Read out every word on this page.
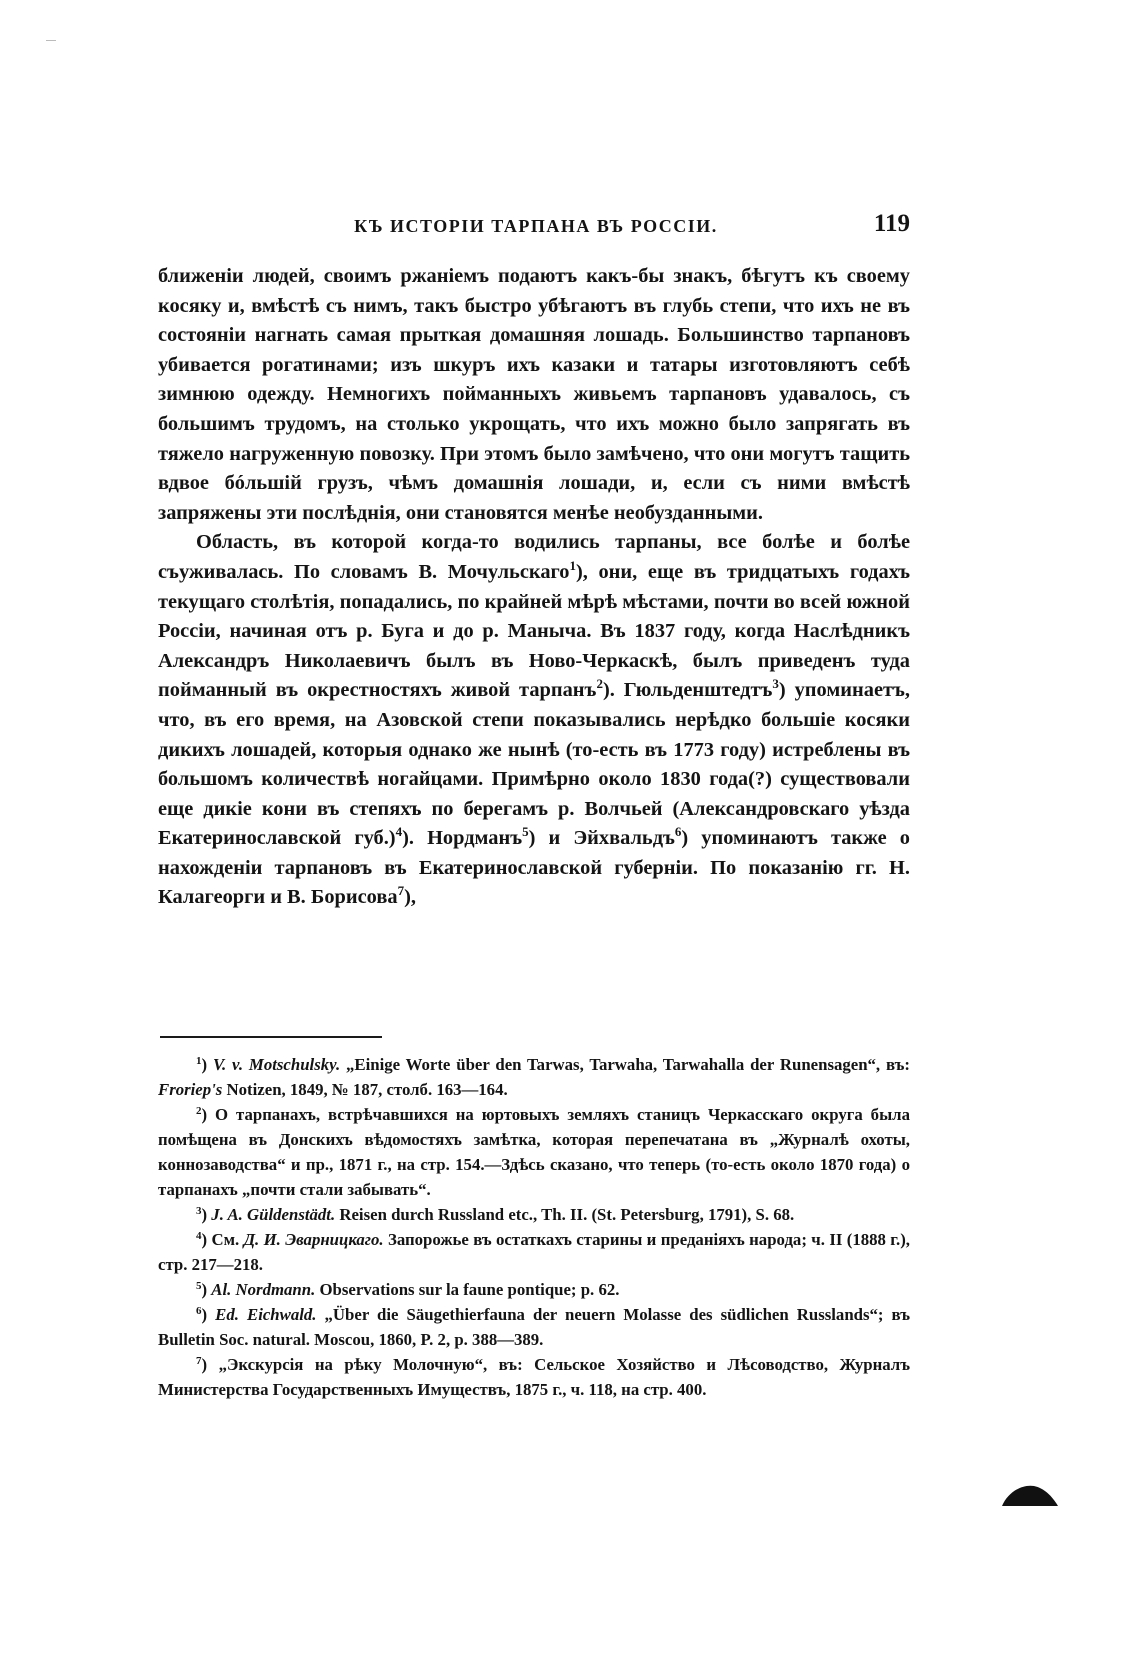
КЪ ИСТОРІИ ТАРПАНА ВЪ РОССІИ.	119

ближеніи людей, своимъ ржаніемъ подаютъ какъ-бы знакъ, бѣгутъ къ своему косяку и, вмѣстѣ съ нимъ, такъ быстро убѣгаютъ въ глубь степи, что ихъ не въ состояніи нагнать самая прыткая домашняя лошадь. Большинство тарпановъ убивается рогатинами; изъ шкуръ ихъ казаки и татары изготовляютъ себѣ зимнюю одежду. Немногихъ пойманныхъ живьемъ тарпановъ удавалось, съ большимъ трудомъ, на столько укрощать, что ихъ можно было запрягать въ тяжело нагруженную повозку. При этомъ было замѣчено, что они могутъ тащить вдвое бóльшій грузъ, чѣмъ домашнія лошади, и, если съ ними вмѣстѣ запряжены эти послѣднія, они становятся менѣе необузданными.

Область, въ которой когда-то водились тарпаны, все болѣе и болѣе съуживалась. По словамъ В. Мочульскаго$^1$), они, еще въ тридцатыхъ годахъ текущаго столѣтія, попадались, по крайней мѣрѣ мѣстами, почти во всей южной Россіи, начиная отъ р. Буга и до р. Маныча. Въ 1837 году, когда Наслѣдникъ Александръ Николаевичъ былъ въ Ново-Черкаскѣ, былъ приведенъ туда пойманный въ окрестностяхъ живой тарпанъ$^2$). Гюльденштедтъ$^3$) упоминаетъ, что, въ его время, на Азовской степи показывались нерѣдко большіе косяки дикихъ лошадей, которыя однако же нынѣ (то-есть въ 1773 году) истреблены въ большомъ количествѣ ногайцами. Примѣрно около 1830 года(?) существовали еще дикіе кони въ степяхъ по берегамъ р. Волчьей (Александровскаго уѣзда Екатеринославской губ.)$^4$). Нордманъ$^5$) и Эйхвальдъ$^6$) упоминаютъ также о нахожденіи тарпановъ въ Екатеринославской губерніи. По показанію гг. Н. Калагеорги и В. Борисова$^7$),

$^1$) V. v. Motschulsky. „Einige Worte über den Tarwas, Tarwaha, Tarwahalla der Runensagen“, въ: Froriep's Notizen, 1849, № 187, столб. 163—164.

$^2$) О тарпанахъ, встрѣчавшихся на юртовыхъ земляхъ станицъ Черкасскаго округа была помѣщена въ Донскихъ вѣдомостяхъ замѣтка, которая перепечатана въ „Журналѣ охоты, коннозаводства“ и пр., 1871 г., на стр. 154.—Здѣсь сказано, что теперь (то-есть около 1870 года) о тарпанахъ „почти стали забывать“.

$^3$) J. A. Güldenstädt. Reisen durch Russland etc., Th. II. (St. Petersburg, 1791), S. 68.

$^4$) См. Д. И. Эварницкаго. Запорожье въ остаткахъ старины и преданіяхъ народа; ч. II (1888 г.), стр. 217—218.

$^5$) Al. Nordmann. Observations sur la faune pontique; p. 62.

$^6$) Ed. Eichwald. „Über die Säugethierfauna der neuern Molasse des südlichen Russlands“; въ Bulletin Soc. natural. Moscou, 1860, P. 2, p. 388—389.

$^7$) „Экскурсія на рѣку Молочную“, въ: Сельское Хозяйство и Лѣсоводство, Журналъ Министерства Государственныхъ Имуществъ, 1875 г., ч. 118, на стр. 400.
